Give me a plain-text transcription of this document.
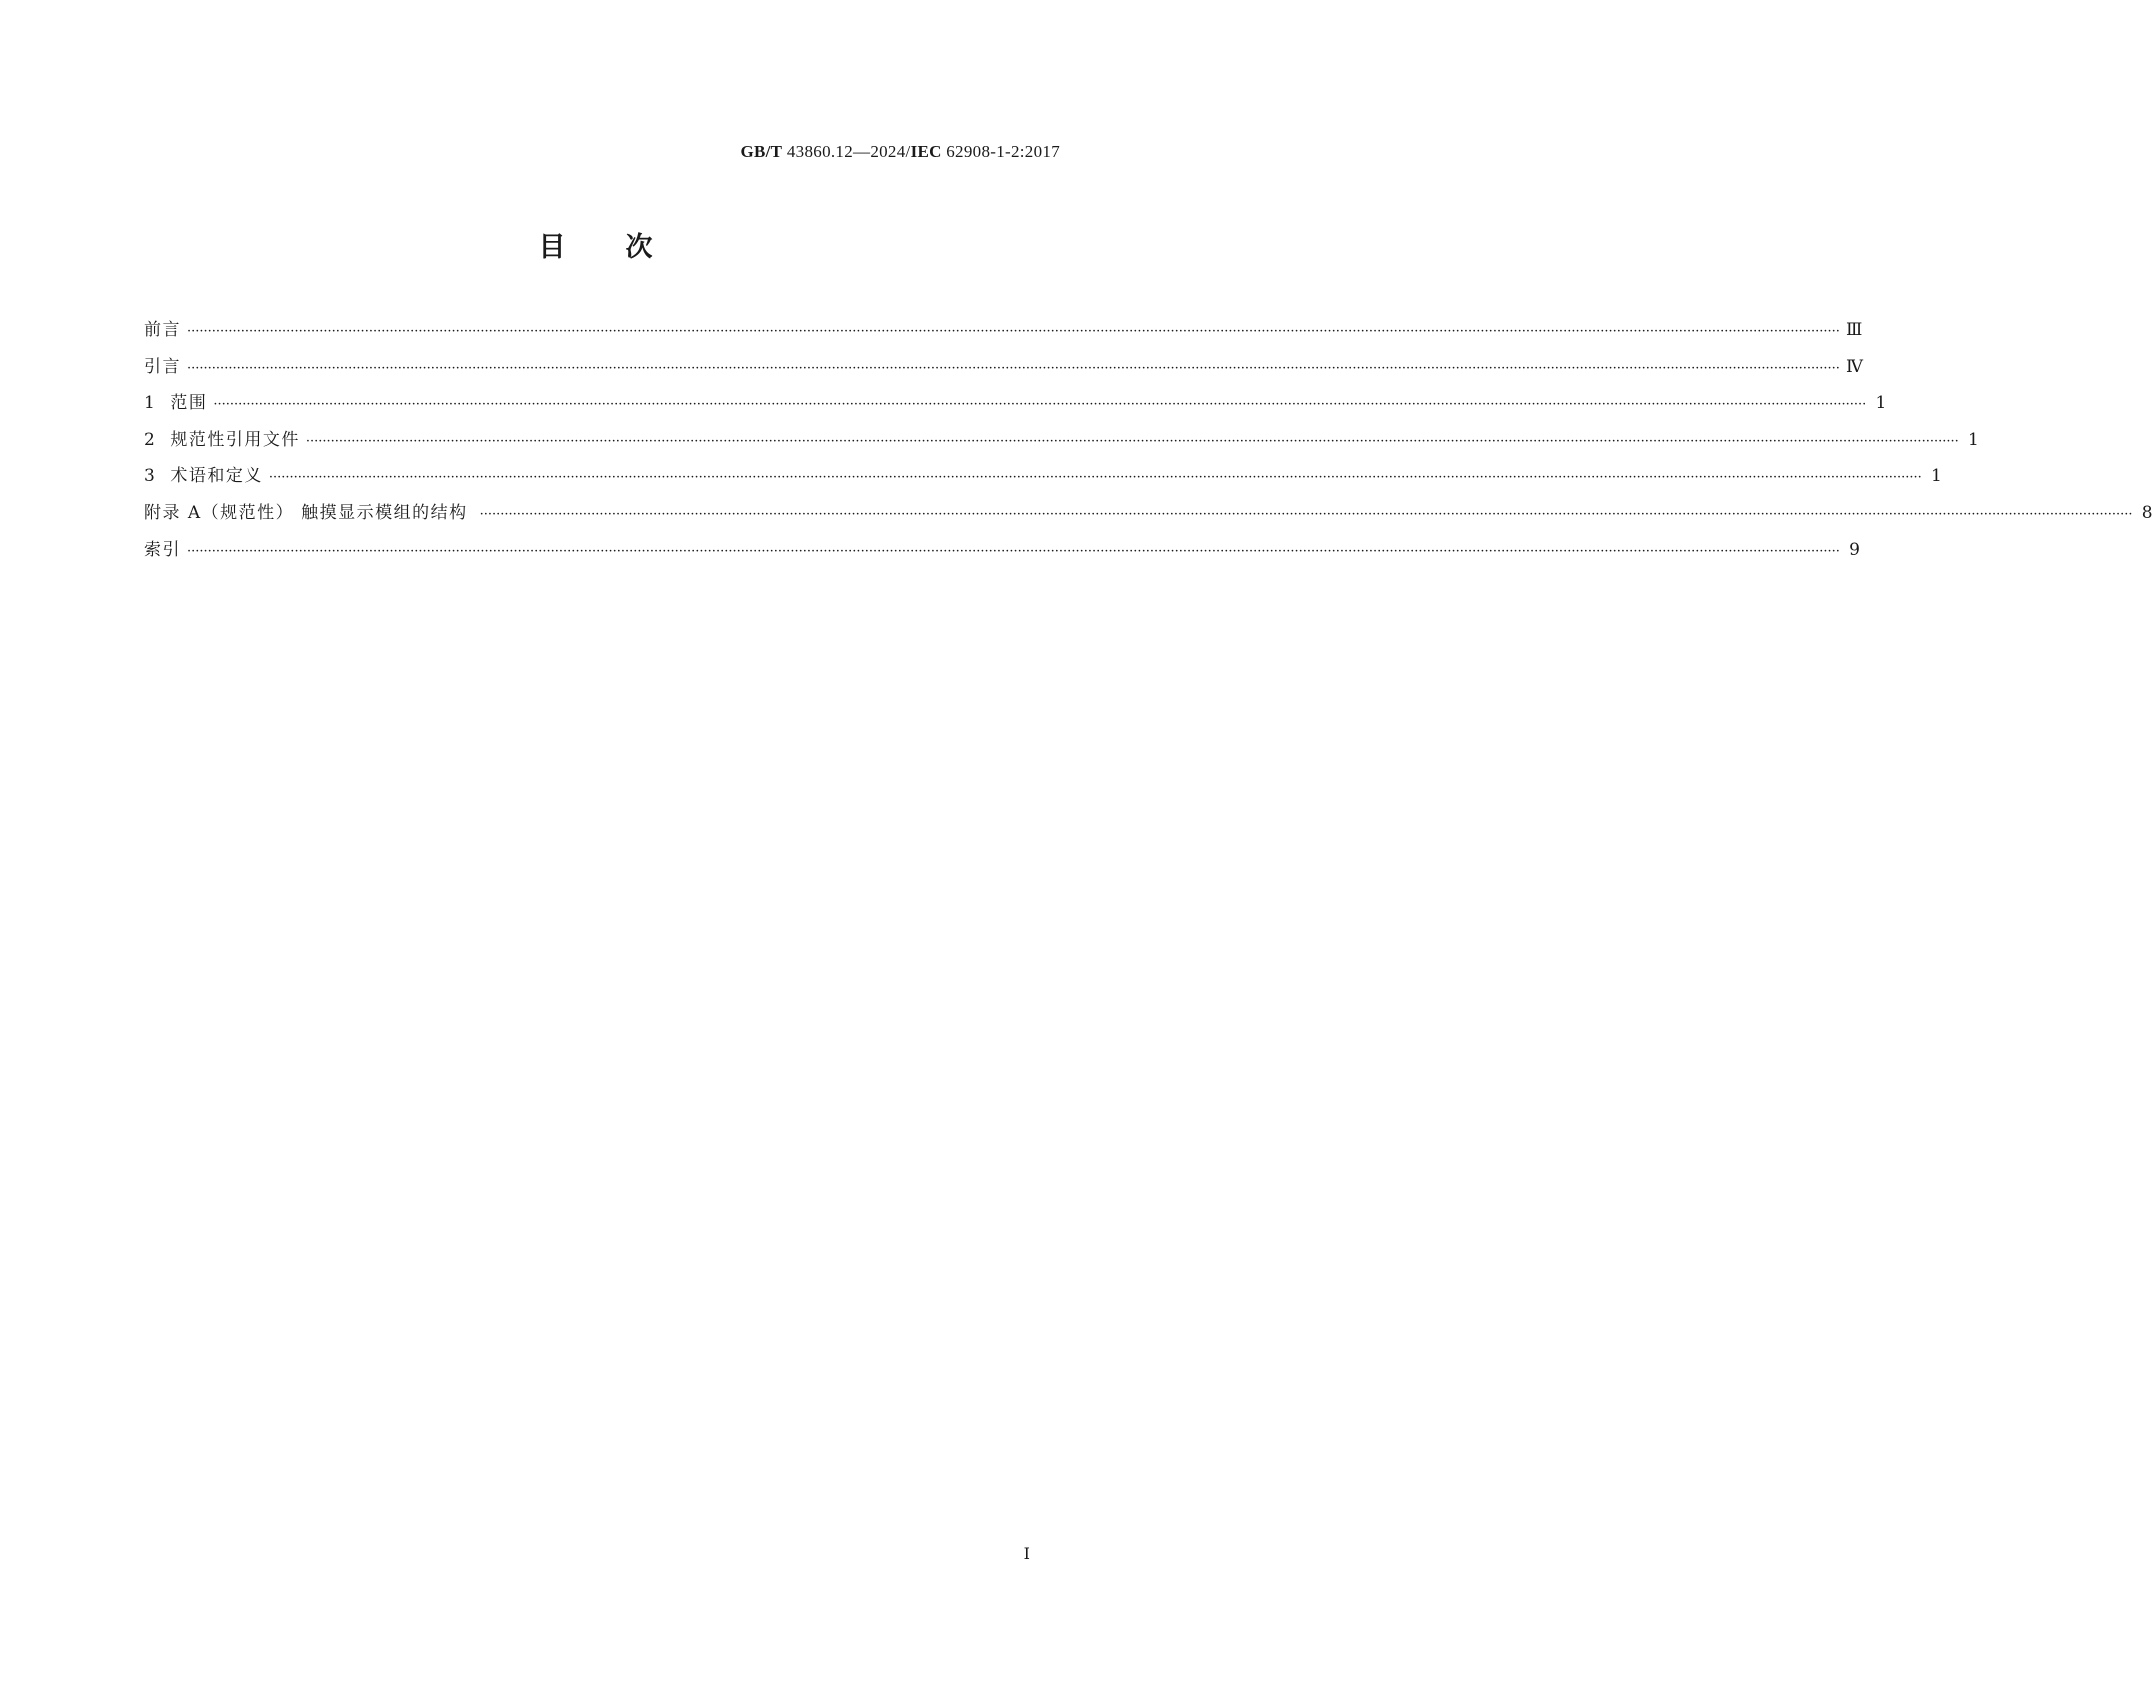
GB/T 43860.12—2024/IEC 62908-1-2:2017
目次
前言 ················································································································································································································································································································································································································ Ⅲ
引言 ················································································································································································································································································································································································································ Ⅳ
1 范围 ················································································································································································································································································································································································································ 1
2 规范性引用文件 ················································································································································································································································································································································································································ 1
3 术语和定义 ················································································································································································································································································································································································································ 1
附录 A（规范性） 触摸显示模组的结构 ················································································································································································································································································································································································································ 8
索引 ················································································································································································································································································································································································································ 9
Ⅰ
